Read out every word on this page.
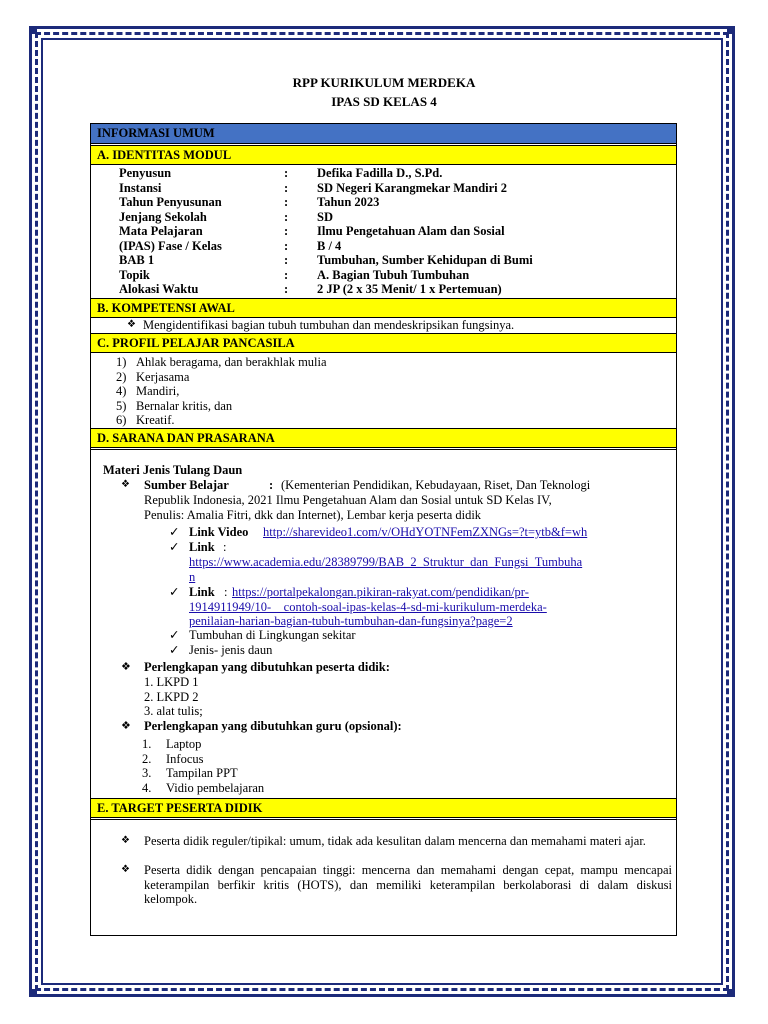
RPP KURIKULUM MERDEKA
IPAS SD KELAS 4
INFORMASI UMUM
A. IDENTITAS MODUL
Penyusun	: Defika Fadilla D., S.Pd.
Instansi	: SD Negeri Karangmekar Mandiri 2
Tahun Penyusunan	: Tahun 2023
Jenjang Sekolah	: SD
Mata Pelajaran	: Ilmu Pengetahuan Alam dan Sosial
(IPAS) Fase / Kelas	: B / 4
BAB 1	: Tumbuhan, Sumber Kehidupan di Bumi
Topik	: A. Bagian Tubuh Tumbuhan
Alokasi Waktu	: 2 JP (2 x 35 Menit/ 1 x Pertemuan)
B. KOMPETENSI AWAL
❖ Mengidentifikasi bagian tubuh tumbuhan dan mendeskripsikan fungsinya.
C. PROFIL PELAJAR PANCASILA
1) Ahlak beragama, dan berakhlak mulia
2) Kerjasama
4) Mandiri,
5) Bernalar kritis, dan
6) Kreatif.
D. SARANA DAN PRASARANA
Materi Jenis Tulang Daun
❖ Sumber Belajar	: (Kementerian Pendidikan, Kebudayaan, Riset, Dan Teknologi
Republik Indonesia, 2021 Ilmu Pengetahuan Alam dan Sosial untuk SD Kelas IV,
Penulis: Amalia Fitri, dkk dan Internet), Lembar kerja peserta didik
✓ Link Video http://sharevideo1.com/v/OHdYOTNFemZXNGs=?t=ytb&f=wh
✓ Link :
https://www.academia.edu/28389799/BAB_2_Struktur_dan_Fungsi_Tumbuha
n
✓ Link : https://portalpekalongan.pikiran-rakyat.com/pendidikan/pr-
1914911949/10-    contoh-soal-ipas-kelas-4-sd-mi-kurikulum-merdeka-
penilaian-harian-bagian-tubuh-tumbuhan-dan-fungsinya?page=2
✓ Tumbuhan di Lingkungan sekitar
✓ Jenis- jenis daun
❖ Perlengkapan yang dibutuhkan peserta didik:
1. LKPD 1
2. LKPD 2
3. alat tulis;
❖ Perlengkapan yang dibutuhkan guru (opsional):
1. Laptop
2. Infocus
3. Tampilan PPT
4. Vidio pembelajaran
E. TARGET PESERTA DIDIK
❖ Peserta didik reguler/tipikal: umum, tidak ada kesulitan dalam mencerna dan memahami materi ajar.
❖ Peserta didik dengan pencapaian tinggi: mencerna dan memahami dengan cepat, mampu mencapai keterampilan berfikir kritis (HOTS), dan memiliki keterampilan berkolaborasi di dalam diskusi kelompok.
